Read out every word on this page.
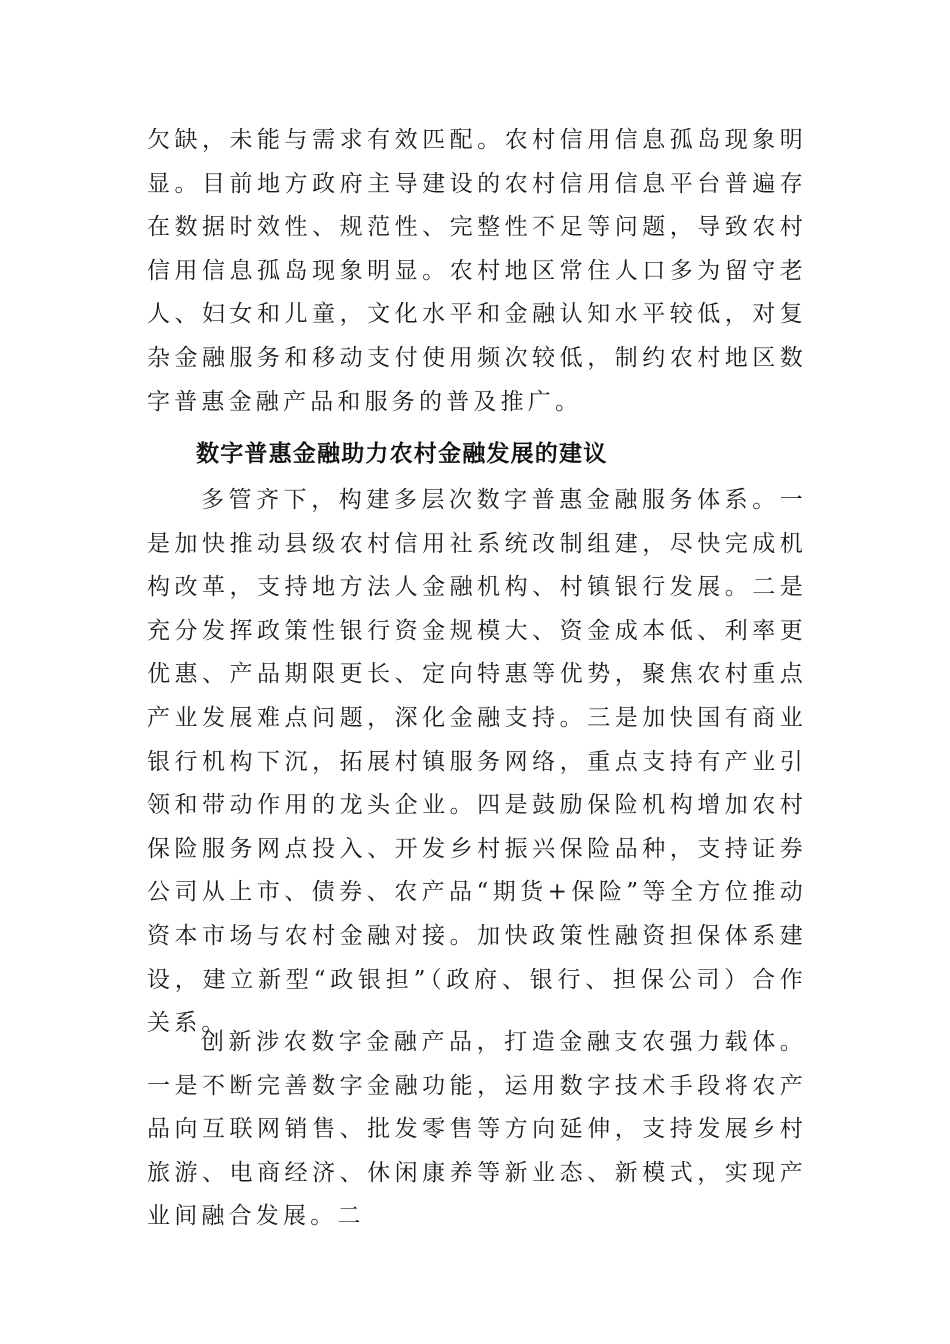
欠缺，未能与需求有效匹配。农村信用信息孤岛现象明显。目前地方政府主导建设的农村信用信息平台普遍存在数据时效性、规范性、完整性不足等问题，导致农村信用信息孤岛现象明显。农村地区常住人口多为留守老人、妇女和儿童，文化水平和金融认知水平较低，对复杂金融服务和移动支付使用频次较低，制约农村地区数字普惠金融产品和服务的普及推广。

数字普惠金融助力农村金融发展的建议

多管齐下，构建多层次数字普惠金融服务体系。一是加快推动县级农村信用社系统改制组建，尽快完成机构改革，支持地方法人金融机构、村镇银行发展。二是充分发挥政策性银行资金规模大、资金成本低、利率更优惠、产品期限更长、定向特惠等优势，聚焦农村重点产业发展难点问题，深化金融支持。三是加快国有商业银行机构下沉，拓展村镇服务网络，重点支持有产业引领和带动作用的龙头企业。四是鼓励保险机构增加农村保险服务网点投入、开发乡村振兴保险品种，支持证券公司从上市、债券、农产品“期货+保险”等全方位推动资本市场与农村金融对接。加快政策性融资担保体系建设，建立新型“政银担”（政府、银行、担保公司）合作关系。

创新涉农数字金融产品，打造金融支农强力载体。一是不断完善数字金融功能，运用数字技术手段将农产品向互联网销售、批发零售等方向延伸，支持发展乡村旅游、电商经济、休闲康养等新业态、新模式，实现产业间融合发展。二
